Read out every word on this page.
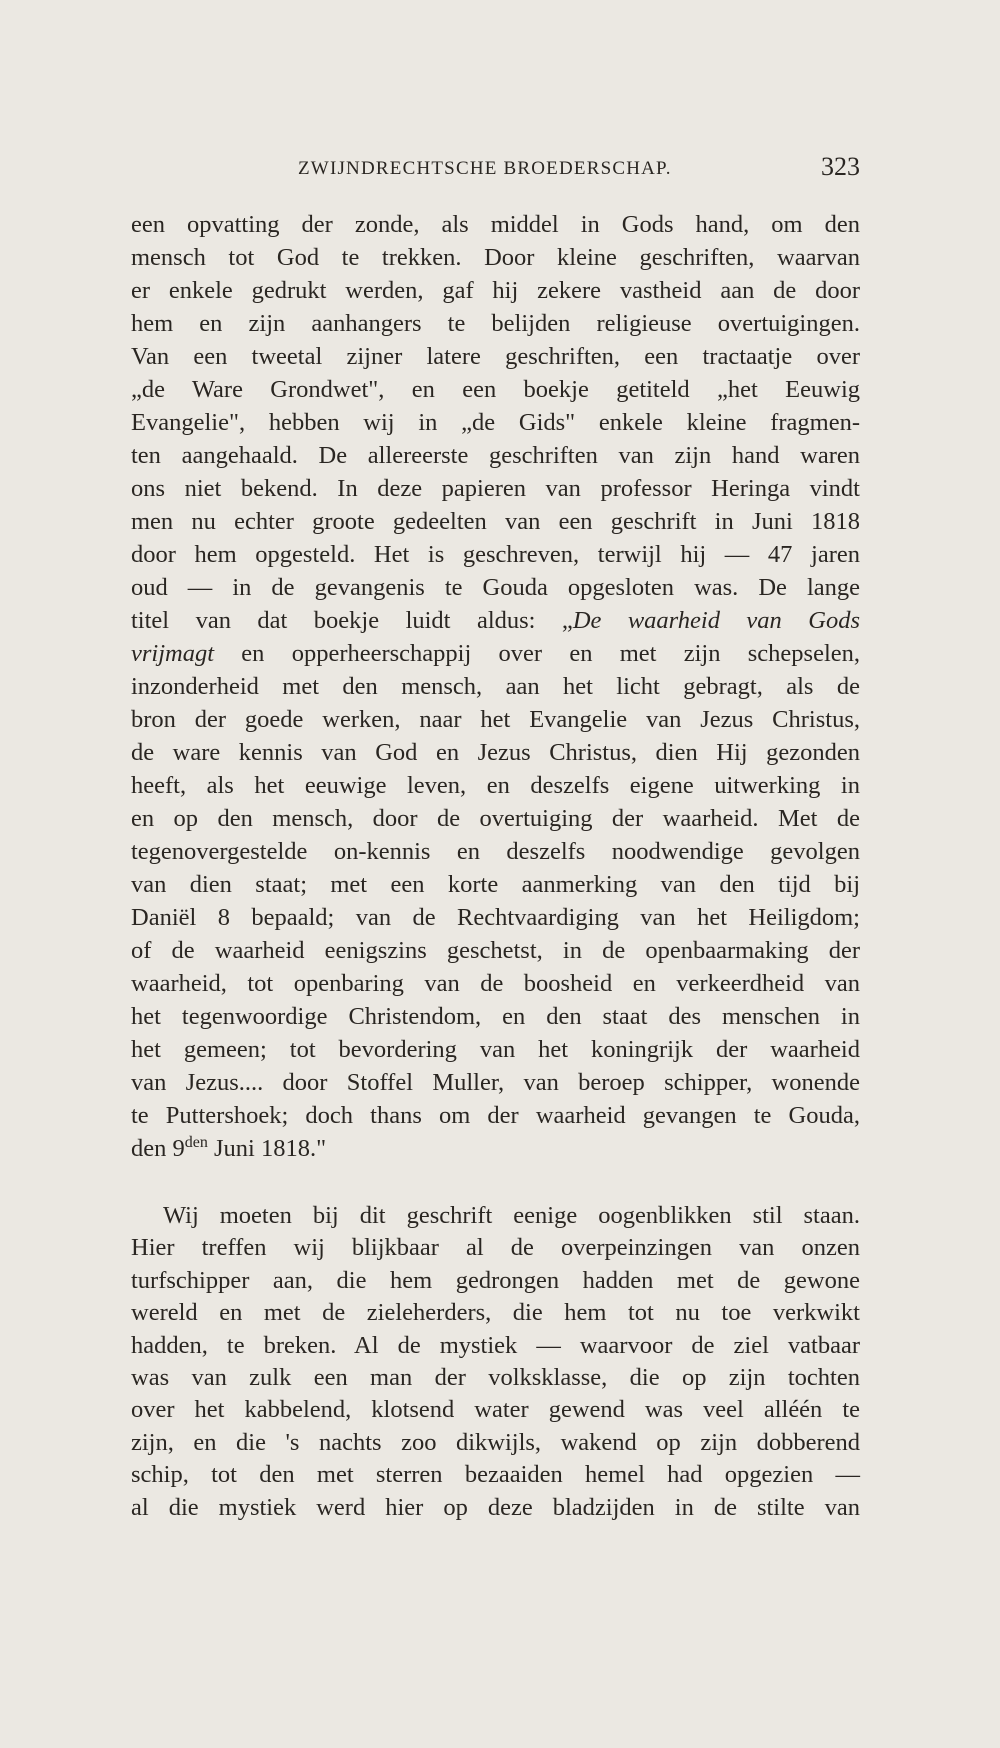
ZWIJNDRECHTSCHE BROEDERSCHAP.	323
een opvatting der zonde, als middel in Gods hand, om den
mensch tot God te trekken. Door kleine geschriften, waarvan
er enkele gedrukt werden, gaf hij zekere vastheid aan de door
hem en zijn aanhangers te belijden religieuse overtuigingen.
Van een tweetal zijner latere geschriften, een tractaatje over
„de Ware Grondwet", en een boekje getiteld „het Eeuwig
Evangelie", hebben wij in „de Gids" enkele kleine fragmen-
ten aangehaald. De allereerste geschriften van zijn hand waren
ons niet bekend. In deze papieren van professor Heringa vindt
men nu echter groote gedeelten van een geschrift in Juni 1818
door hem opgesteld. Het is geschreven, terwijl hij — 47 jaren
oud — in de gevangenis te Gouda opgesloten was. De lange
titel van dat boekje luidt aldus: „De waarheid van Gods
vrijmagt en opperheerschappij over en met zijn schepselen,
inzonderheid met den mensch, aan het licht gebragt, als de
bron der goede werken, naar het Evangelie van Jezus Christus,
de ware kennis van God en Jezus Christus, dien Hij gezonden
heeft, als het eeuwige leven, en deszelfs eigene uitwerking in
en op den mensch, door de overtuiging der waarheid. Met de
tegenovergestelde on-kennis en deszelfs noodwendige gevolgen
van dien staat; met een korte aanmerking van den tijd bij
Daniël 8 bepaald; van de Rechtvaardiging van het Heiligdom;
of de waarheid eenigszins geschetst, in de openbaarmaking der
waarheid, tot openbaring van de boosheid en verkeerdheid van
het tegenwoordige Christendom, en den staat des menschen in
het gemeen; tot bevordering van het koningrijk der waarheid
van Jezus.... door Stoffel Muller, van beroep schipper, wonende
te Puttershoek; doch thans om der waarheid gevangen te Gouda,
den $9^{den}$ Juni 1818."
Wij moeten bij dit geschrift eenige oogenblikken stil staan.
Hier treffen wij blijkbaar al de overpeinzingen van onzen
turfschipper aan, die hem gedrongen hadden met de gewone
wereld en met de zieleherders, die hem tot nu toe verkwikt
hadden, te breken. Al de mystiek — waarvoor de ziel vatbaar
was van zulk een man der volksklasse, die op zijn tochten
over het kabbelend, klotsend water gewend was veel alléén te
zijn, en die 's nachts zoo dikwijls, wakend op zijn dobberend
schip, tot den met sterren bezaaiden hemel had opgezien —
al die mystiek werd hier op deze bladzijden in de stilte van
